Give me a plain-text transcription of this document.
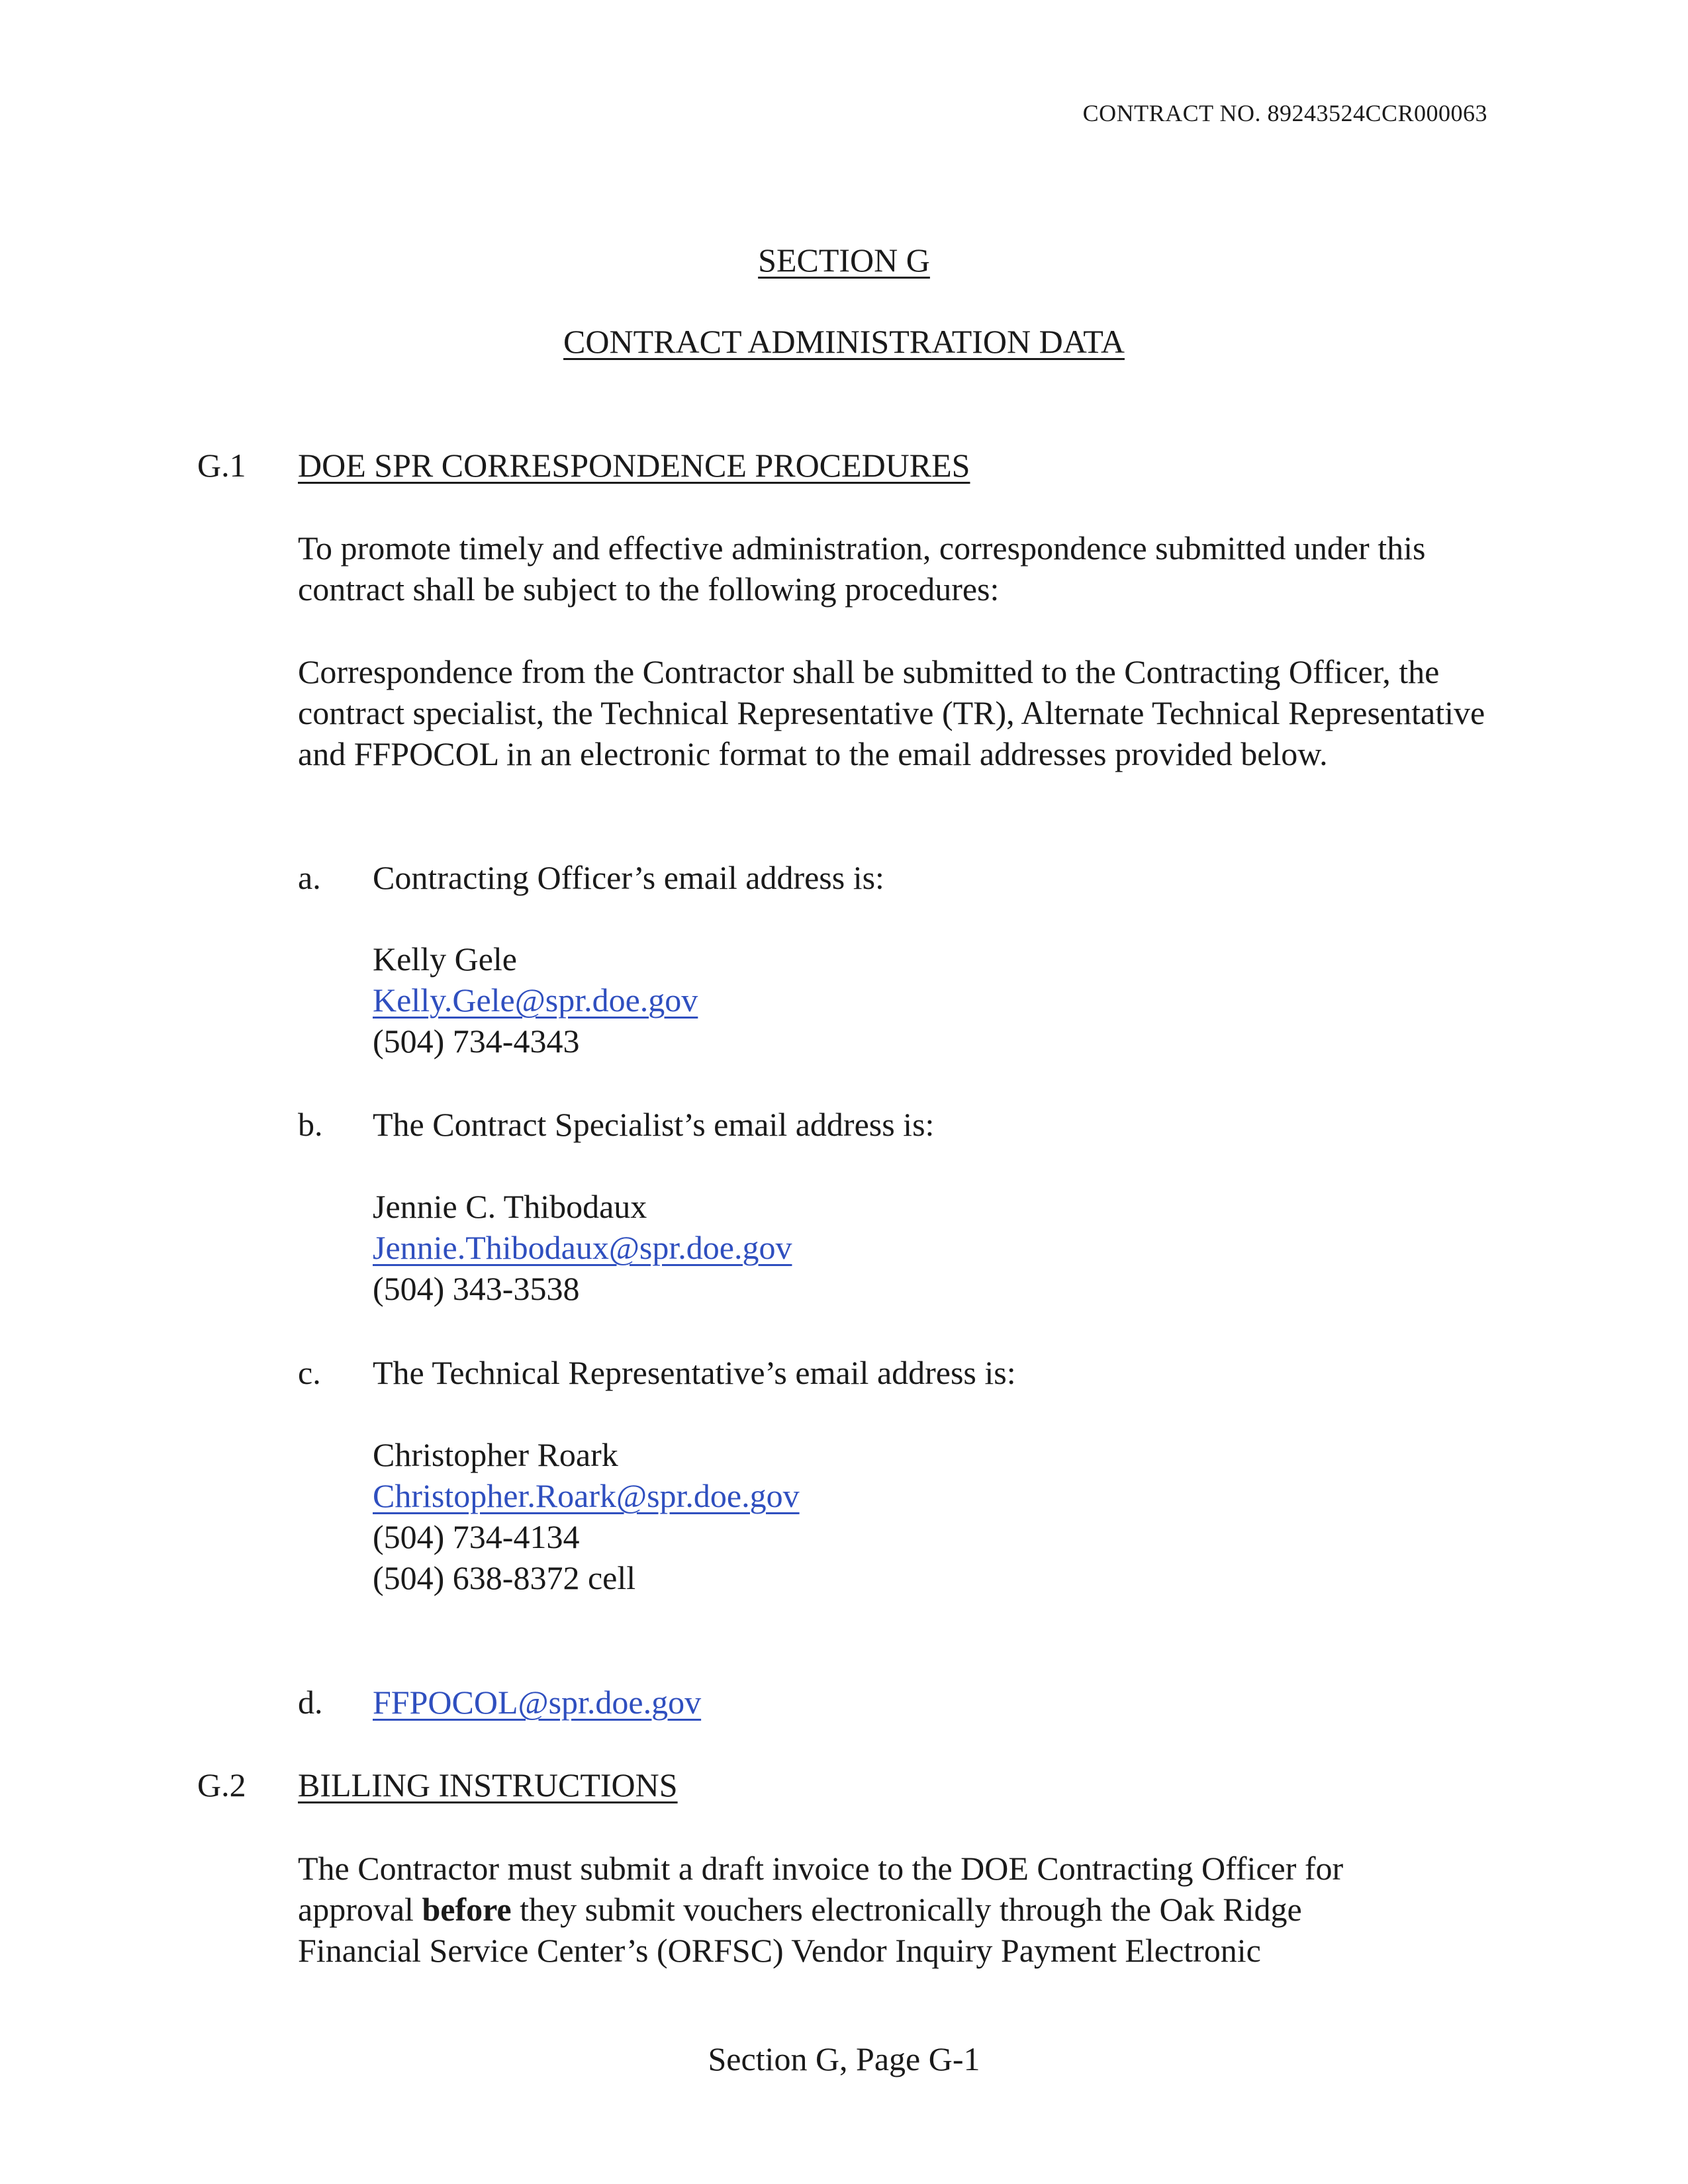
CONTRACT NO. 89243524CCR000063
SECTION G
CONTRACT ADMINISTRATION DATA
G.1 DOE SPR CORRESPONDENCE PROCEDURES
To promote timely and effective administration, correspondence submitted under this contract shall be subject to the following procedures:
Correspondence from the Contractor shall be submitted to the Contracting Officer, the contract specialist, the Technical Representative (TR), Alternate Technical Representative and FFPOCOL in an electronic format to the email addresses provided below.
a. Contracting Officer’s email address is:
Kelly Gele
Kelly.Gele@spr.doe.gov
(504) 734-4343
b. The Contract Specialist’s email address is:
Jennie C. Thibodaux
Jennie.Thibodaux@spr.doe.gov
(504) 343-3538
c. The Technical Representative’s email address is:
Christopher Roark
Christopher.Roark@spr.doe.gov
(504) 734-4134
(504) 638-8372 cell
d. FFPOCOL@spr.doe.gov
G.2 BILLING INSTRUCTIONS
The Contractor must submit a draft invoice to the DOE Contracting Officer for
approval before they submit vouchers electronically through the Oak Ridge
Financial Service Center’s (ORFSC) Vendor Inquiry Payment Electronic
Section G, Page G-1
